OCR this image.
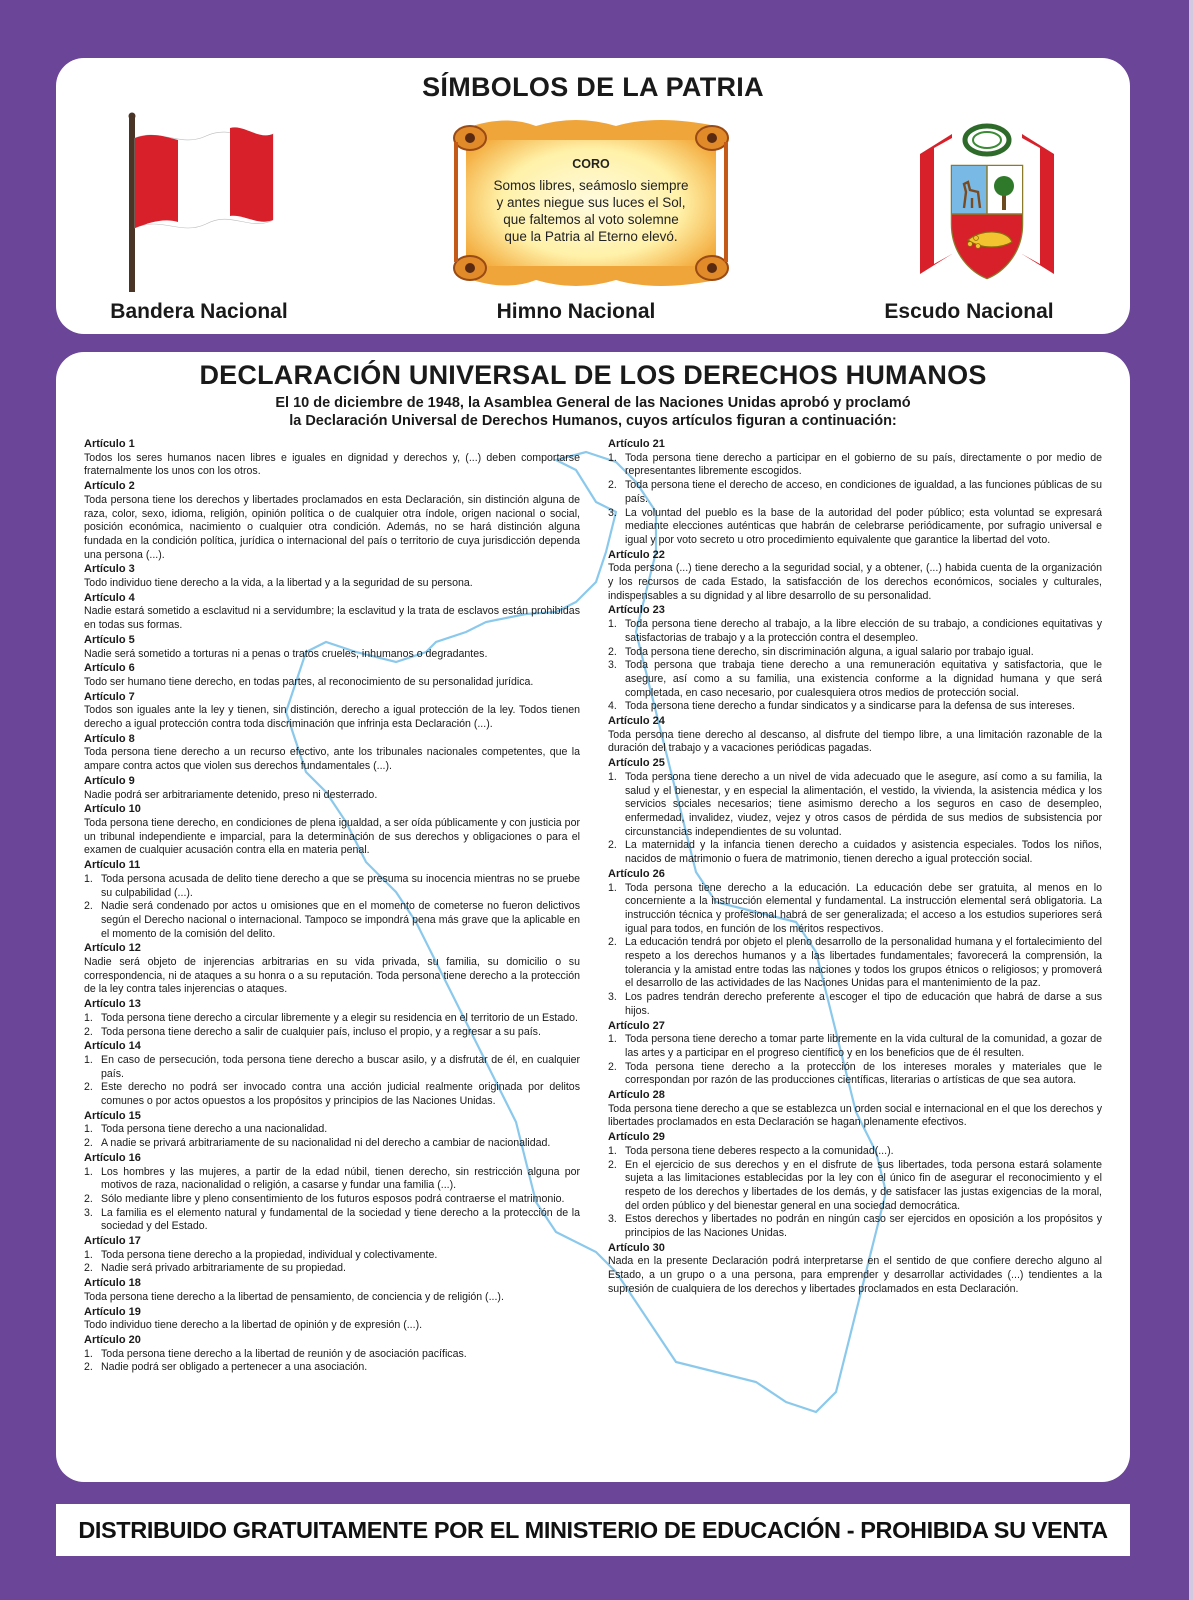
SÍMBOLOS DE LA PATRIA
CORO
Somos libres, seámoslo siempre
y antes niegue sus luces el Sol,
que faltemos al voto solemne
que la Patria al Eterno elevó.
Bandera Nacional	Himno Nacional	Escudo Nacional
DECLARACIÓN UNIVERSAL DE LOS DERECHOS HUMANOS
El 10 de diciembre de 1948, la Asamblea General de las Naciones Unidas aprobó y proclamó
la Declaración Universal de Derechos Humanos, cuyos artículos figuran a continuación:
Artículo 1
Todos los seres humanos nacen libres e iguales en dignidad y derechos y, (...) deben comportarse fraternalmente los unos con los otros.
Artículo 2
Toda persona tiene los derechos y libertades proclamados en esta Declaración, sin distinción alguna de raza, color, sexo, idioma, religión, opinión política o de cualquier otra índole, origen nacional o social, posición económica, nacimiento o cualquier otra condición. Además, no se hará distinción alguna fundada en la condición política, jurídica o internacional del país o territorio de cuya jurisdicción dependa una persona (...).
Artículo 3
Todo individuo tiene derecho a la vida, a la libertad y a la seguridad de su persona.
Artículo 4
Nadie estará sometido a esclavitud ni a servidumbre; la esclavitud y la trata de esclavos están prohibidas en todas sus formas.
Artículo 5
Nadie será sometido a torturas ni a penas o tratos crueles, inhumanos o degradantes.
Artículo 6
Todo ser humano tiene derecho, en todas partes, al reconocimiento de su personalidad jurídica.
Artículo 7
Todos son iguales ante la ley y tienen, sin distinción, derecho a igual protección de la ley. Todos tienen derecho a igual protección contra toda discriminación que infrinja esta Declaración (...).
Artículo 8
Toda persona tiene derecho a un recurso efectivo, ante los tribunales nacionales competentes, que la ampare contra actos que violen sus derechos fundamentales (...).
Artículo 9
Nadie podrá ser arbitrariamente detenido, preso ni desterrado.
Artículo 10
Toda persona tiene derecho, en condiciones de plena igualdad, a ser oída públicamente y con justicia por un tribunal independiente e imparcial, para la determinación de sus derechos y obligaciones o para el examen de cualquier acusación contra ella en materia penal.
Artículo 11
1. Toda persona acusada de delito tiene derecho a que se presuma su inocencia mientras no se pruebe su culpabilidad (...).
2. Nadie será condenado por actos u omisiones que en el momento de cometerse no fueron delictivos según el Derecho nacional o internacional. Tampoco se impondrá pena más grave que la aplicable en el momento de la comisión del delito.
Artículo 12
Nadie será objeto de injerencias arbitrarias en su vida privada, su familia, su domicilio o su correspondencia, ni de ataques a su honra o a su reputación. Toda persona tiene derecho a la protección de la ley contra tales injerencias o ataques.
Artículo 13
1. Toda persona tiene derecho a circular libremente y a elegir su residencia en el territorio de un Estado.
2. Toda persona tiene derecho a salir de cualquier país, incluso el propio, y a regresar a su país.
Artículo 14
1. En caso de persecución, toda persona tiene derecho a buscar asilo, y a disfrutar de él, en cualquier país.
2. Este derecho no podrá ser invocado contra una acción judicial realmente originada por delitos comunes o por actos opuestos a los propósitos y principios de las Naciones Unidas.
Artículo 15
1. Toda persona tiene derecho a una nacionalidad.
2. A nadie se privará arbitrariamente de su nacionalidad ni del derecho a cambiar de nacionalidad.
Artículo 16
1. Los hombres y las mujeres, a partir de la edad núbil, tienen derecho, sin restricción alguna por motivos de raza, nacionalidad o religión, a casarse y fundar una familia (...).
2. Sólo mediante libre y pleno consentimiento de los futuros esposos podrá contraerse el matrimonio.
3. La familia es el elemento natural y fundamental de la sociedad y tiene derecho a la protección de la sociedad y del Estado.
Artículo 17
1. Toda persona tiene derecho a la propiedad, individual y colectivamente.
2. Nadie será privado arbitrariamente de su propiedad.
Artículo 18
Toda persona tiene derecho a la libertad de pensamiento, de conciencia y de religión (...).
Artículo 19
Todo individuo tiene derecho a la libertad de opinión y de expresión (...).
Artículo 20
1. Toda persona tiene derecho a la libertad de reunión y de asociación pacíficas.
2. Nadie podrá ser obligado a pertenecer a una asociación.
Artículo 21
1. Toda persona tiene derecho a participar en el gobierno de su país, directamente o por medio de representantes libremente escogidos.
2. Toda persona tiene el derecho de acceso, en condiciones de igualdad, a las funciones públicas de su país.
3. La voluntad del pueblo es la base de la autoridad del poder público; esta voluntad se expresará mediante elecciones auténticas que habrán de celebrarse periódicamente, por sufragio universal e igual y por voto secreto u otro procedimiento equivalente que garantice la libertad del voto.
Artículo 22
Toda persona (...) tiene derecho a la seguridad social, y a obtener, (...) habida cuenta de la organización y los recursos de cada Estado, la satisfacción de los derechos económicos, sociales y culturales, indispensables a su dignidad y al libre desarrollo de su personalidad.
Artículo 23
1. Toda persona tiene derecho al trabajo, a la libre elección de su trabajo, a condiciones equitativas y satisfactorias de trabajo y a la protección contra el desempleo.
2. Toda persona tiene derecho, sin discriminación alguna, a igual salario por trabajo igual.
3. Toda persona que trabaja tiene derecho a una remuneración equitativa y satisfactoria, que le asegure, así como a su familia, una existencia conforme a la dignidad humana y que será completada, en caso necesario, por cualesquiera otros medios de protección social.
4. Toda persona tiene derecho a fundar sindicatos y a sindicarse para la defensa de sus intereses.
Artículo 24
Toda persona tiene derecho al descanso, al disfrute del tiempo libre, a una limitación razonable de la duración del trabajo y a vacaciones periódicas pagadas.
Artículo 25
1. Toda persona tiene derecho a un nivel de vida adecuado que le asegure, así como a su familia, la salud y el bienestar, y en especial la alimentación, el vestido, la vivienda, la asistencia médica y los servicios sociales necesarios; tiene asimismo derecho a los seguros en caso de desempleo, enfermedad, invalidez, viudez, vejez y otros casos de pérdida de sus medios de subsistencia por circunstancias independientes de su voluntad.
2. La maternidad y la infancia tienen derecho a cuidados y asistencia especiales. Todos los niños, nacidos de matrimonio o fuera de matrimonio, tienen derecho a igual protección social.
Artículo 26
1. Toda persona tiene derecho a la educación. La educación debe ser gratuita, al menos en lo concerniente a la instrucción elemental y fundamental. La instrucción elemental será obligatoria. La instrucción técnica y profesional habrá de ser generalizada; el acceso a los estudios superiores será igual para todos, en función de los méritos respectivos.
2. La educación tendrá por objeto el pleno desarrollo de la personalidad humana y el fortalecimiento del respeto a los derechos humanos y a las libertades fundamentales; favorecerá la comprensión, la tolerancia y la amistad entre todas las naciones y todos los grupos étnicos o religiosos; y promoverá el desarrollo de las actividades de las Naciones Unidas para el mantenimiento de la paz.
3. Los padres tendrán derecho preferente a escoger el tipo de educación que habrá de darse a sus hijos.
Artículo 27
1. Toda persona tiene derecho a tomar parte libremente en la vida cultural de la comunidad, a gozar de las artes y a participar en el progreso científico y en los beneficios que de él resulten.
2. Toda persona tiene derecho a la protección de los intereses morales y materiales que le correspondan por razón de las producciones científicas, literarias o artísticas de que sea autora.
Artículo 28
Toda persona tiene derecho a que se establezca un orden social e internacional en el que los derechos y libertades proclamados en esta Declaración se hagan plenamente efectivos.
Artículo 29
1. Toda persona tiene deberes respecto a la comunidad(...).
2. En el ejercicio de sus derechos y en el disfrute de sus libertades, toda persona estará solamente sujeta a las limitaciones establecidas por la ley con el único fin de asegurar el reconocimiento y el respeto de los derechos y libertades de los demás, y de satisfacer las justas exigencias de la moral, del orden público y del bienestar general en una sociedad democrática.
3. Estos derechos y libertades no podrán en ningún caso ser ejercidos en oposición a los propósitos y principios de las Naciones Unidas.
Artículo 30
Nada en la presente Declaración podrá interpretarse en el sentido de que confiere derecho alguno al Estado, a un grupo o a una persona, para emprender y desarrollar actividades (...) tendientes a la supresión de cualquiera de los derechos y libertades proclamados en esta Declaración.
DISTRIBUIDO GRATUITAMENTE POR EL MINISTERIO DE EDUCACIÓN - PROHIBIDA SU VENTA
